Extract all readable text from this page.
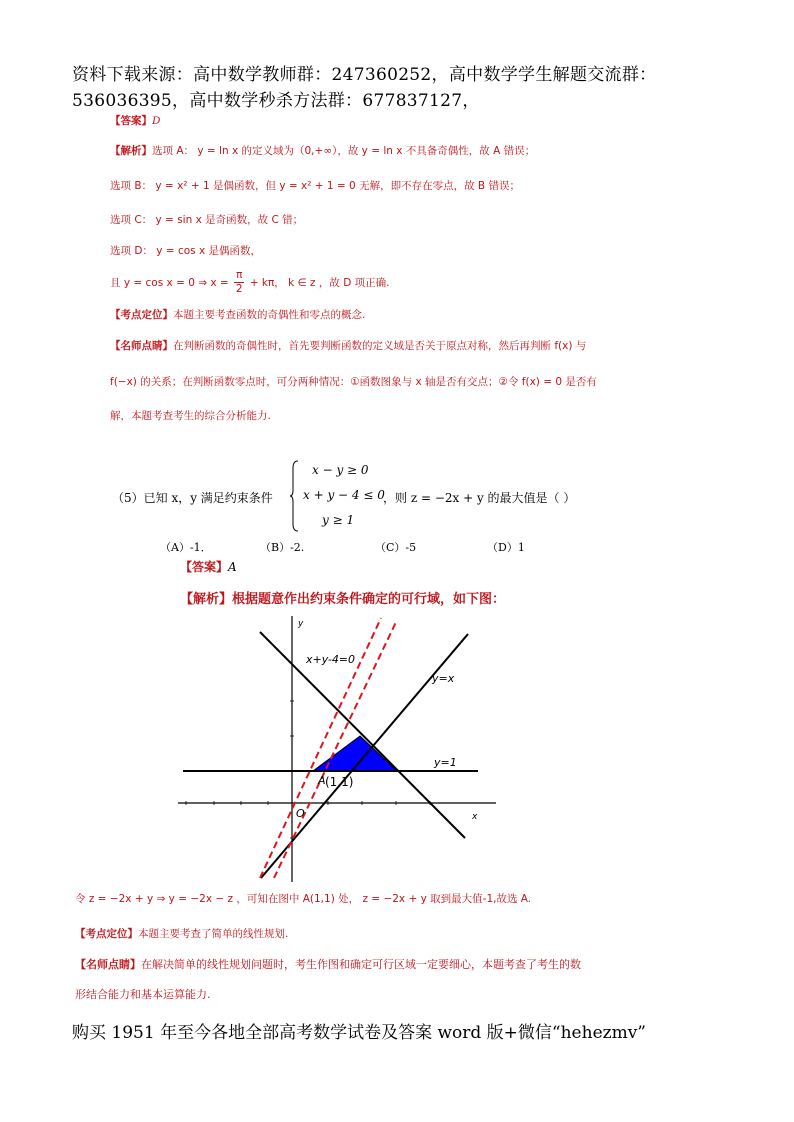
资料下载来源：高中数学教师群：247360252，高中数学学生解题交流群：
536036395，高中数学秒杀方法群：677837127，
【答案】D
【解析】选项 A： y = ln x 的定义域为（0,+∞），故 y = ln x 不具备奇偶性，故 A 错误；
选项 B： y = x² + 1 是偶函数，但 y = x² + 1 = 0 无解，即不存在零点，故 B 错误；
选项 C： y = sin x 是奇函数，故 C 错；
选项 D： y = cos x 是偶函数，
且 y = cos x = 0 ⇒ $x = \frac{\pi}{2} + k\pi$， k ∈ z ，故 D 项正确.
【考点定位】本题主要考查函数的奇偶性和零点的概念.
【名师点睛】在判断函数的奇偶性时，首先要判断函数的定义域是否关于原点对称，然后再判断 f(x) 与
f(−x) 的关系；在判断函数零点时，可分两种情况：①函数图象与 x 轴是否有交点；②令 f(x) = 0 是否有
解，本题考查考生的综合分析能力.
（5）已知 x，y 满足约束条件
x − y ≥ 0
x + y − 4 ≤ 0
y ≥ 1
，则 z = −2x + y 的最大值是（ ）
（A）-1．	（B）-2.	（C）-5	（D）1
【答案】A
【解析】根据题意作出约束条件确定的可行域，如下图：
y
x
x+y-4=0
y=x
y=1
A (1,1)
O
令 z = −2x + y ⇒ y = −2x − z ，可知在图中 A(1,1) 处， z = −2x + y 取到最大值-1,故选 A.
【考点定位】本题主要考查了简单的线性规划.
【名师点睛】在解决简单的线性规划问题时，考生作图和确定可行区域一定要细心，本题考查了考生的数
形结合能力和基本运算能力.
购买 1951 年至今各地全部高考数学试卷及答案 word 版+微信“hehezmv”
